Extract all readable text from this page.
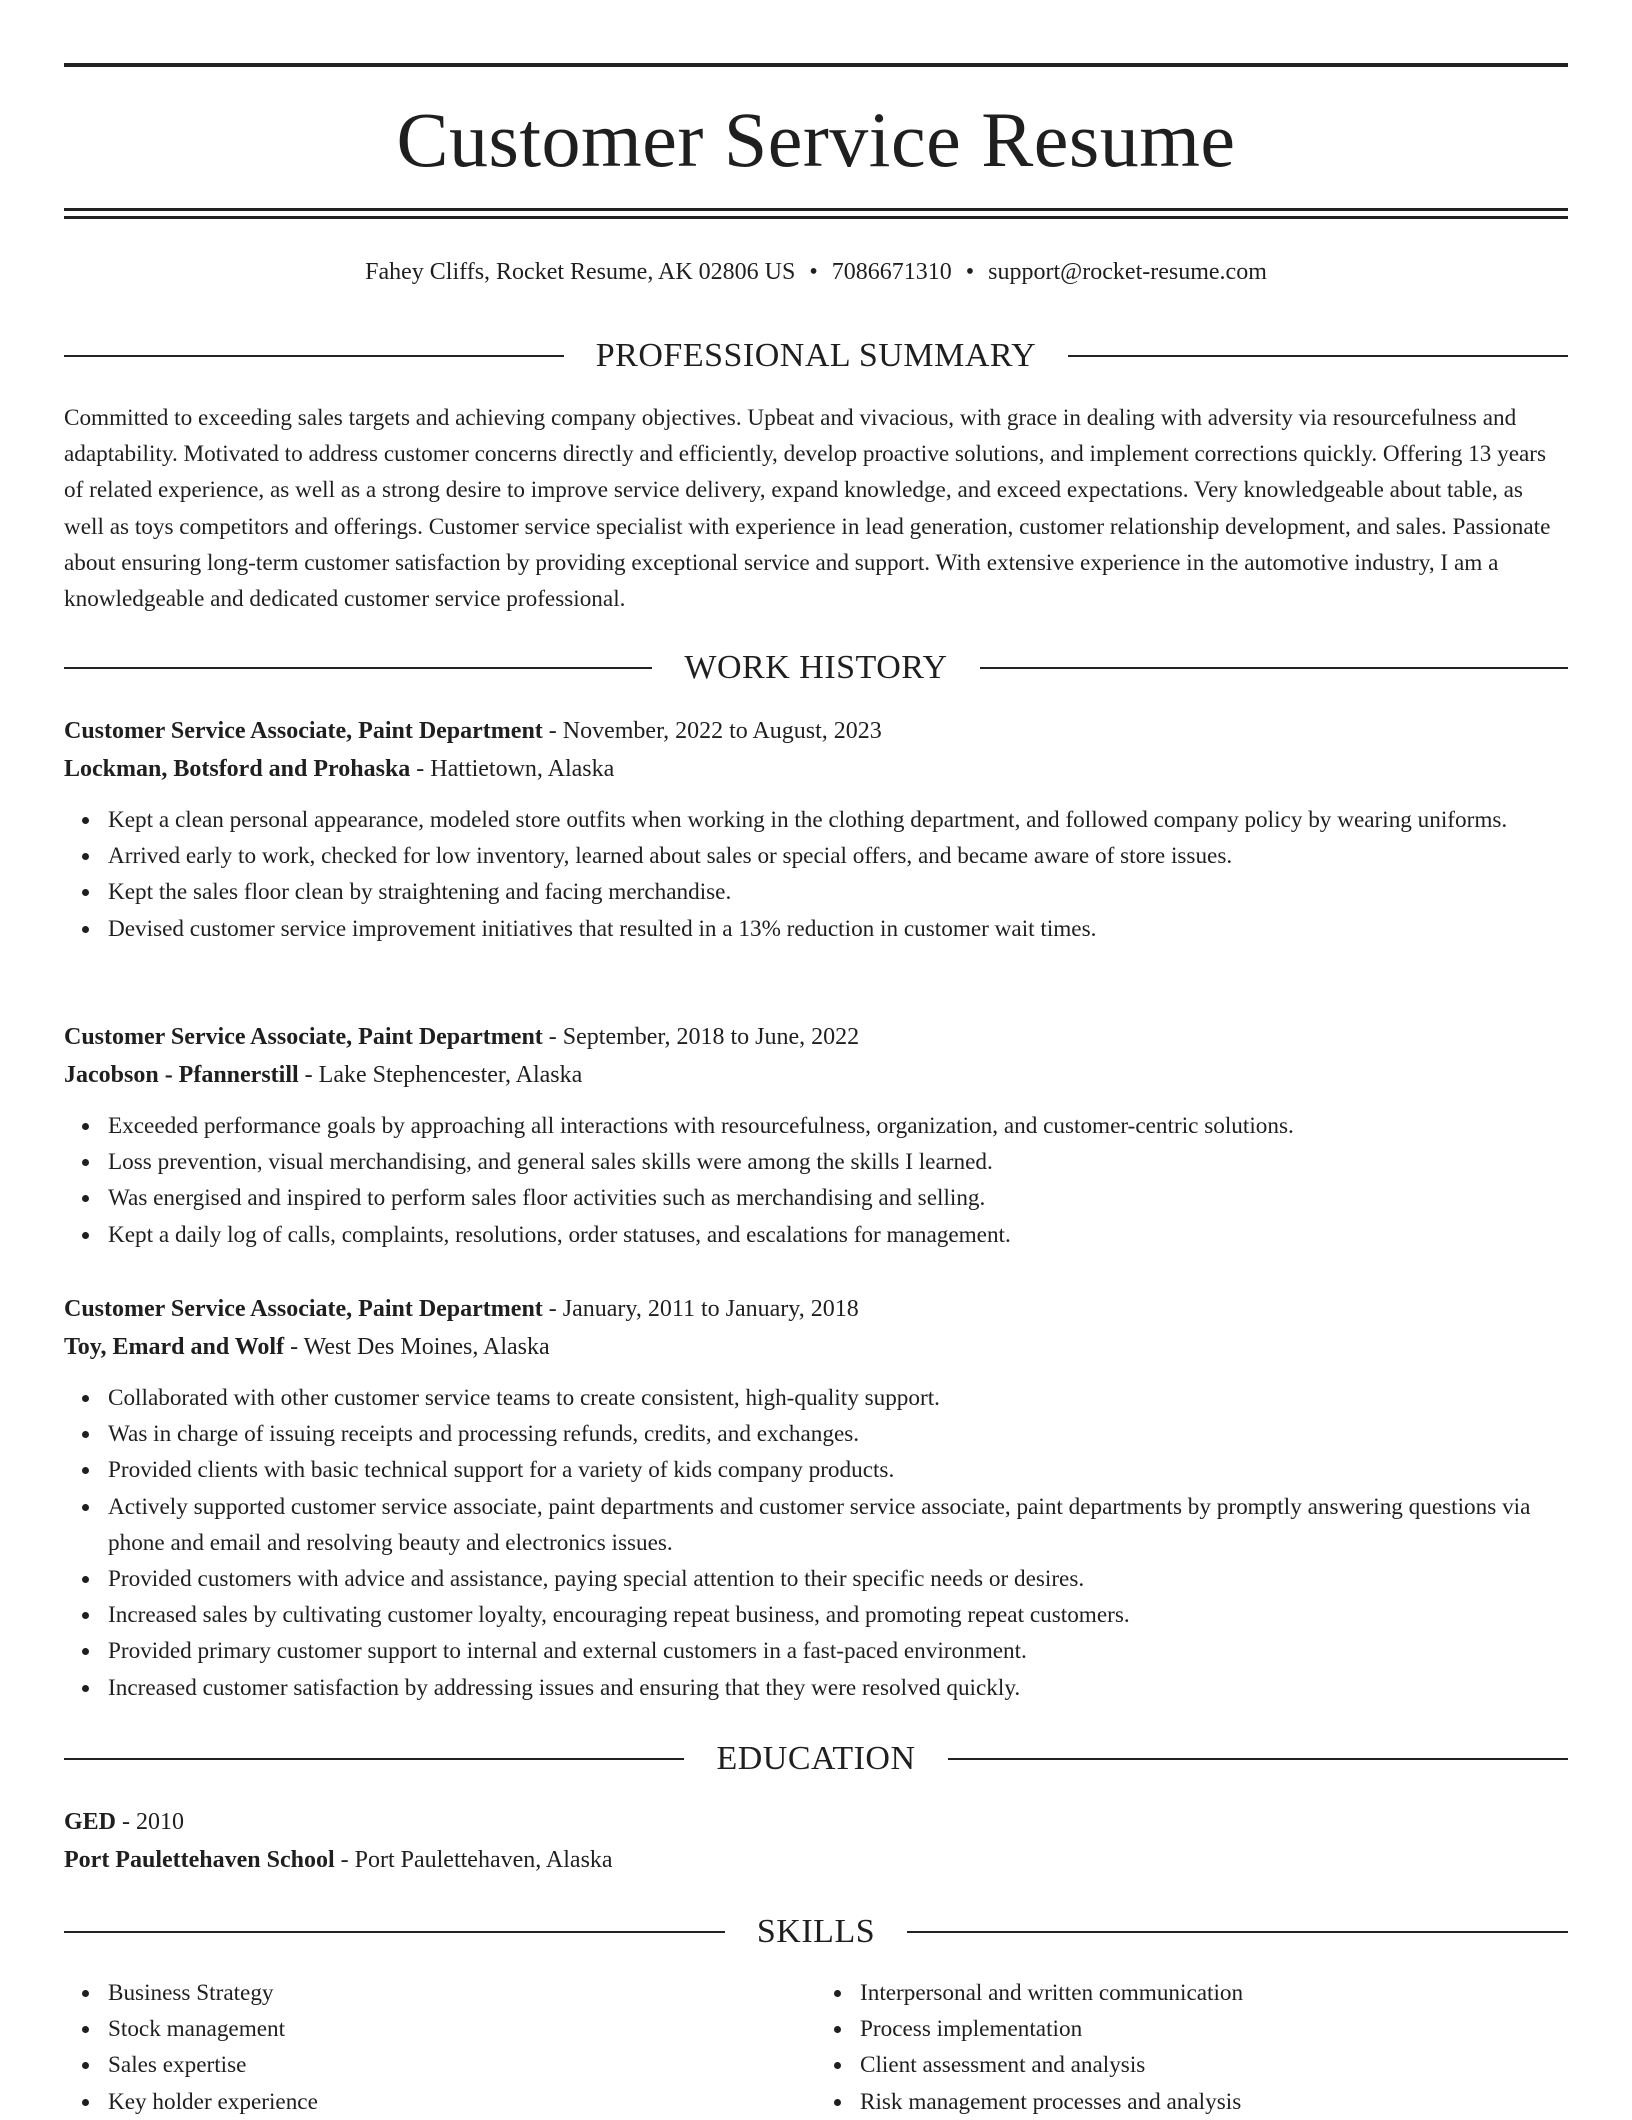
Customer Service Resume
Fahey Cliffs, Rocket Resume, AK 02806 US • 7086671310 • support@rocket-resume.com
PROFESSIONAL SUMMARY

Committed to exceeding sales targets and achieving company objectives. Upbeat and vivacious, with grace in dealing with adversity via resourcefulness and adaptability. Motivated to address customer concerns directly and efficiently, develop proactive solutions, and implement corrections quickly. Offering 13 years of related experience, as well as a strong desire to improve service delivery, expand knowledge, and exceed expectations. Very knowledgeable about table, as well as toys competitors and offerings. Customer service specialist with experience in lead generation, customer relationship development, and sales. Passionate about ensuring long-term customer satisfaction by providing exceptional service and support. With extensive experience in the automotive industry, I am a knowledgeable and dedicated customer service professional.

WORK HISTORY
Customer Service Associate, Paint Department - November, 2022 to August, 2023
Lockman, Botsford and Prohaska - Hattietown, Alaska
Kept a clean personal appearance, modeled store outfits when working in the clothing department, and followed company policy by wearing uniforms.
Arrived early to work, checked for low inventory, learned about sales or special offers, and became aware of store issues.
Kept the sales floor clean by straightening and facing merchandise.
Devised customer service improvement initiatives that resulted in a 13% reduction in customer wait times.
Customer Service Associate, Paint Department - September, 2018 to June, 2022
Jacobson - Pfannerstill - Lake Stephencester, Alaska
Exceeded performance goals by approaching all interactions with resourcefulness, organization, and customer-centric solutions.
Loss prevention, visual merchandising, and general sales skills were among the skills I learned.
Was energised and inspired to perform sales floor activities such as merchandising and selling.
Kept a daily log of calls, complaints, resolutions, order statuses, and escalations for management.
Customer Service Associate, Paint Department - January, 2011 to January, 2018
Toy, Emard and Wolf - West Des Moines, Alaska
Collaborated with other customer service teams to create consistent, high-quality support.
Was in charge of issuing receipts and processing refunds, credits, and exchanges.
Provided clients with basic technical support for a variety of kids company products.
Actively supported customer service associate, paint departments and customer service associate, paint departments by promptly answering questions via phone and email and resolving beauty and electronics issues.
Provided customers with advice and assistance, paying special attention to their specific needs or desires.
Increased sales by cultivating customer loyalty, encouraging repeat business, and promoting repeat customers.
Provided primary customer support to internal and external customers in a fast-paced environment.
Increased customer satisfaction by addressing issues and ensuring that they were resolved quickly.
EDUCATION
GED - 2010
Port Paulettehaven School - Port Paulettehaven, Alaska
SKILLS
Business Strategy
Stock management
Sales expertise
Key holder experience
Interpersonal and written communication
Process implementation
Client assessment and analysis
Risk management processes and analysis
